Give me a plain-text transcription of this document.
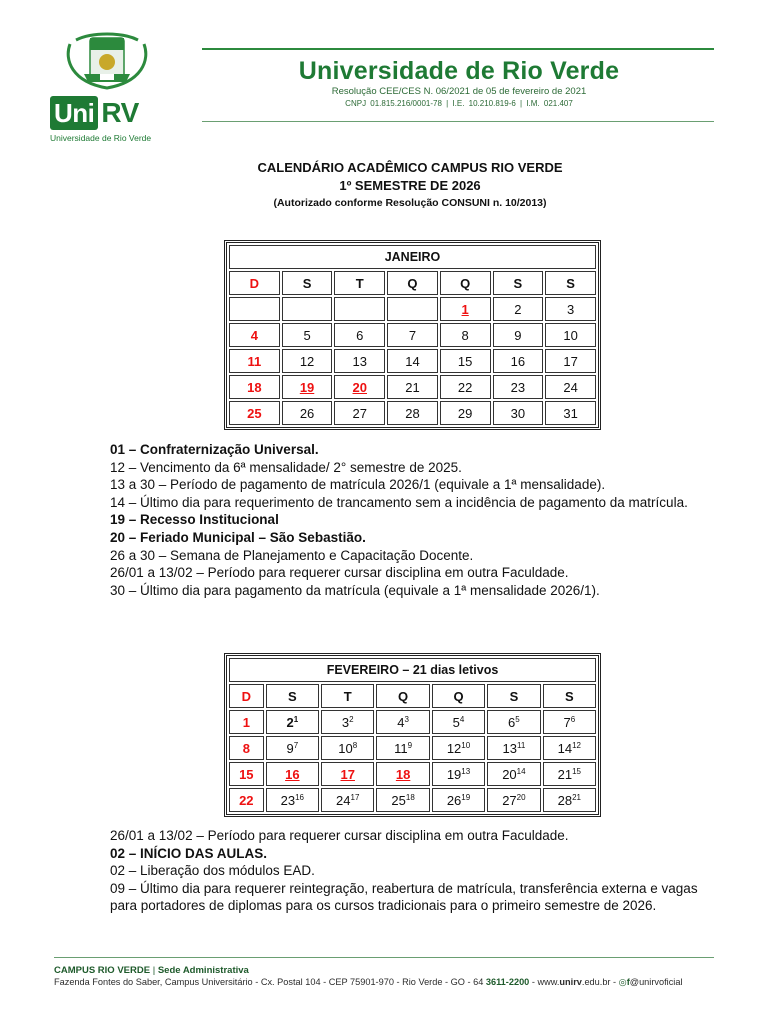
Uni RV
Universidade de Rio Verde
Universidade de Rio Verde
Resolução CEE/CES N. 06/2021 de 05 de fevereiro de 2021
CNPJ 01.815.216/0001-78 | I.E. 10.210.819-6 | I.M. 021.407
CALENDÁRIO ACADÊMICO CAMPUS RIO VERDE
1º SEMESTRE DE 2026
(Autorizado conforme Resolução CONSUNI n. 10/2013)
JANEIRO						
D	S	T	Q	Q	S	S
				1	2	3
4	5	6	7	8	9	10
11	12	13	14	15	16	17
18	19	20	21	22	23	24
25	26	27	28	29	30	31

01 – Confraternização Universal.

12 – Vencimento da 6ª mensalidade/ 2° semestre de 2025.

13 a 30 – Período de pagamento de matrícula 2026/1 (equivale a 1ª mensalidade).

14 – Último dia para requerimento de trancamento sem a incidência de pagamento da matrícula.

19 – Recesso Institucional

20 – Feriado Municipal – São Sebastião.

26 a 30 – Semana de Planejamento e Capacitação Docente.

26/01 a 13/02 – Período para requerer cursar disciplina em outra Faculdade.

30 – Último dia para pagamento da matrícula (equivale a 1ª mensalidade 2026/1).

FEVEREIRO – 21 dias letivos						
D	S	T	Q	Q	S	S
1	$2^1$	$3^2$	$4^3$	$5^4$	$6^5$	$7^6$
8	$9^7$	$10^8$	$11^9$	$12^{10}$	$13^{11}$	$14^{12}$
15	16	17	18	$19^{13}$	$20^{14}$	$21^{15}$
22	$23^{16}$	$24^{17}$	$25^{18}$	$26^{19}$	$27^{20}$	$28^{21}$

26/01 a 13/02 – Período para requerer cursar disciplina em outra Faculdade.

02 – INÍCIO DAS AULAS.

02 – Liberação dos módulos EAD.

09 – Último dia para requerer reintegração, reabertura de matrícula, transferência externa e vagas para portadores de diplomas para os cursos tradicionais para o primeiro semestre de 2026.

CAMPUS RIO VERDE | Sede Administrativa
Fazenda Fontes do Saber, Campus Universitário - Cx. Postal 104 - CEP 75901-970 - Rio Verde - GO - 64 3611-2200 - www.unirv.edu.br - ◎f@unirvoficial
